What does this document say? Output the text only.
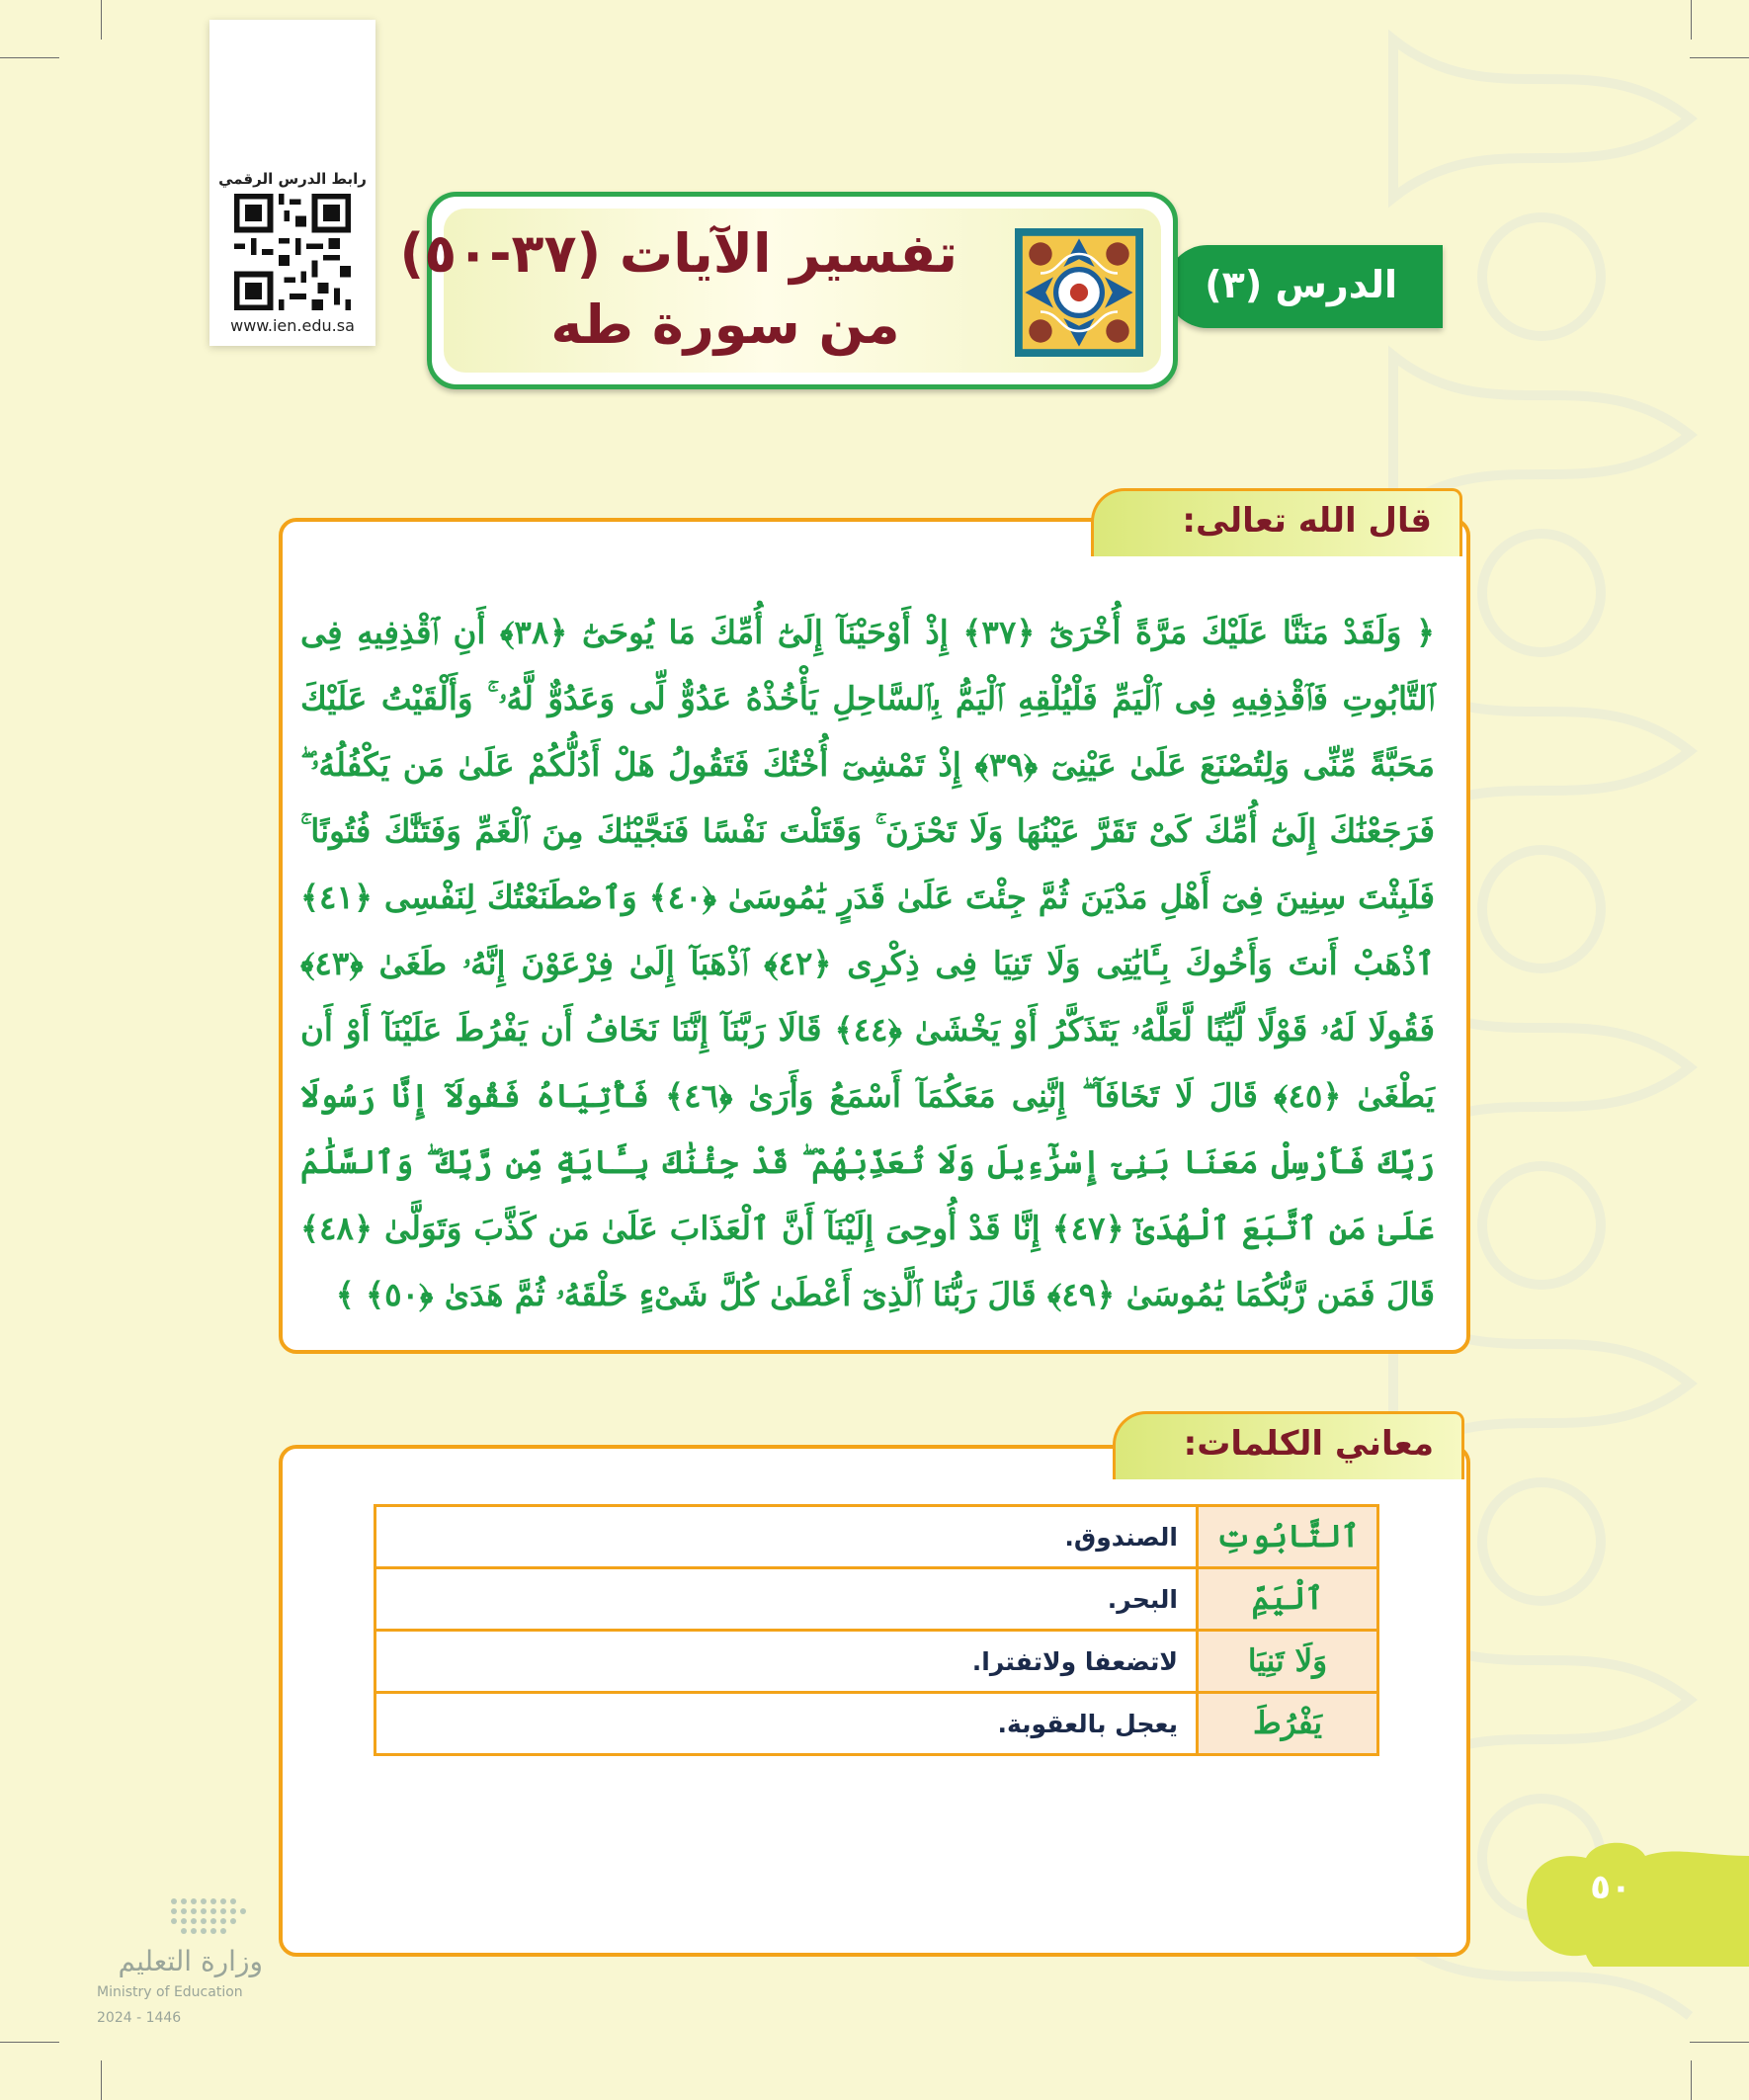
رابط الدرس الرقمي
www.ien.edu.sa
الدرس (٣)
تفسير الآيات (٣٧-٥٠)
من سورة طه
قال الله تعالى:
﴿ وَلَقَدْ مَنَنَّا عَلَيْكَ مَرَّةً أُخْرَىٰٓ ﴿٣٧﴾ إِذْ أَوْحَيْنَآ إِلَىٰٓ أُمِّكَ مَا يُوحَىٰٓ ﴿٣٨﴾ أَنِ ٱقْذِفِيهِ فِى ٱلتَّابُوتِ فَٱقْذِفِيهِ فِى ٱلْيَمِّ فَلْيُلْقِهِ ٱلْيَمُّ بِٱلسَّاحِلِ يَأْخُذْهُ عَدُوٌّ لِّى وَعَدُوٌّ لَّهُۥ ۚ وَأَلْقَيْتُ عَلَيْكَ مَحَبَّةً مِّنِّى وَلِتُصْنَعَ عَلَىٰ عَيْنِىٓ ﴿٣٩﴾ إِذْ تَمْشِىٓ أُخْتُكَ فَتَقُولُ هَلْ أَدُلُّكُمْ عَلَىٰ مَن يَكْفُلُهُۥ ۖ فَرَجَعْنَٰكَ إِلَىٰٓ أُمِّكَ كَىْ تَقَرَّ عَيْنُهَا وَلَا تَحْزَنَ ۚ وَقَتَلْتَ نَفْسًا فَنَجَّيْنَٰكَ مِنَ ٱلْغَمِّ وَفَتَنَّٰكَ فُتُونًا ۚ فَلَبِثْتَ سِنِينَ فِىٓ أَهْلِ مَدْيَنَ ثُمَّ جِئْتَ عَلَىٰ قَدَرٍ يَٰمُوسَىٰ ﴿٤٠﴾ وَٱصْطَنَعْتُكَ لِنَفْسِى ﴿٤١﴾ ٱذْهَبْ أَنتَ وَأَخُوكَ بِـَٔايَٰتِى وَلَا تَنِيَا فِى ذِكْرِى ﴿٤٢﴾ ٱذْهَبَآ إِلَىٰ فِرْعَوْنَ إِنَّهُۥ طَغَىٰ ﴿٤٣﴾ فَقُولَا لَهُۥ قَوْلًا لَّيِّنًا لَّعَلَّهُۥ يَتَذَكَّرُ أَوْ يَخْشَىٰ ﴿٤٤﴾ قَالَا رَبَّنَآ إِنَّنَا نَخَافُ أَن يَفْرُطَ عَلَيْنَآ أَوْ أَن يَطْغَىٰ ﴿٤٥﴾ قَالَ لَا تَخَافَآ ۖ إِنَّنِى مَعَكُمَآ أَسْمَعُ وَأَرَىٰ ﴿٤٦﴾ فَأْتِيَاهُ فَقُولَآ إِنَّا رَسُولَا رَبِّكَ فَأَرْسِلْ مَعَنَا بَنِىٓ إِسْرَٰٓءِيلَ وَلَا تُعَذِّبْهُمْ ۖ قَدْ جِئْنَٰكَ بِـَٔايَةٍ مِّن رَّبِّكَ ۖ وَٱلسَّلَٰمُ عَلَىٰ مَنِ ٱتَّبَعَ ٱلْهُدَىٰٓ ﴿٤٧﴾ إِنَّا قَدْ أُوحِىَ إِلَيْنَآ أَنَّ ٱلْعَذَابَ عَلَىٰ مَن كَذَّبَ وَتَوَلَّىٰ ﴿٤٨﴾ قَالَ فَمَن رَّبُّكُمَا يَٰمُوسَىٰ ﴿٤٩﴾ قَالَ رَبُّنَا ٱلَّذِىٓ أَعْطَىٰ كُلَّ شَىْءٍ خَلْقَهُۥ ثُمَّ هَدَىٰ ﴿٥٠﴾ ﴾
معاني الكلمات:
ٱلتَّابُوتِ	الصندوق.
ٱلْيَمِّ	البحر.
وَلَا تَنِيَا	لاتضعفا ولاتفترا.
يَفْرُطَ	يعجل بالعقوبة.
٥٠
وزارة التعليم
Ministry of Education
2024 - 1446
